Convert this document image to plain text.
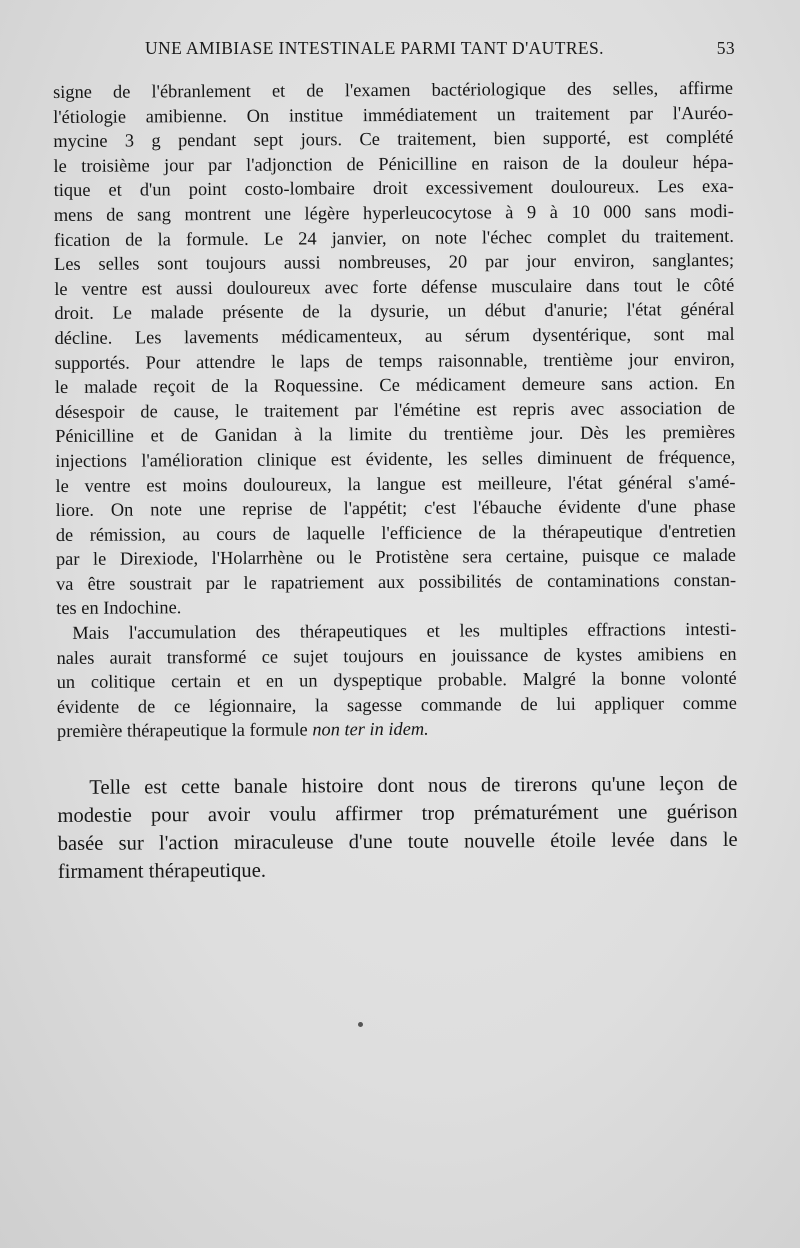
UNE AMIBIASE INTESTINALE PARMI TANT D'AUTRES.	53
signe de l'ébranlement et de l'examen bactériologique des selles, affirme
l'étiologie amibienne. On institue immédiatement un traitement par l'Auréo-
mycine 3 g pendant sept jours. Ce traitement, bien supporté, est complété
le troisième jour par l'adjonction de Pénicilline en raison de la douleur hépa-
tique et d'un point costo-lombaire droit excessivement douloureux. Les exa-
mens de sang montrent une légère hyperleucocytose à 9 à 10 000 sans modi-
fication de la formule. Le 24 janvier, on note l'échec complet du traitement.
Les selles sont toujours aussi nombreuses, 20 par jour environ, sanglantes;
le ventre est aussi douloureux avec forte défense musculaire dans tout le côté
droit. Le malade présente de la dysurie, un début d'anurie; l'état général
décline. Les lavements médicamenteux, au sérum dysentérique, sont mal
supportés. Pour attendre le laps de temps raisonnable, trentième jour environ,
le malade reçoit de la Roquessine. Ce médicament demeure sans action. En
désespoir de cause, le traitement par l'émétine est repris avec association de
Pénicilline et de Ganidan à la limite du trentième jour. Dès les premières
injections l'amélioration clinique est évidente, les selles diminuent de fréquence,
le ventre est moins douloureux, la langue est meilleure, l'état général s'amé-
liore. On note une reprise de l'appétit; c'est l'ébauche évidente d'une phase
de rémission, au cours de laquelle l'efficience de la thérapeutique d'entretien
par le Direxiode, l'Holarrhène ou le Protistène sera certaine, puisque ce malade
va être soustrait par le rapatriement aux possibilités de contaminations constan-
tes en Indochine.
Mais l'accumulation des thérapeutiques et les multiples effractions intesti-
nales aurait transformé ce sujet toujours en jouissance de kystes amibiens en
un colitique certain et en un dyspeptique probable. Malgré la bonne volonté
évidente de ce légionnaire, la sagesse commande de lui appliquer comme
première thérapeutique la formule non ter in idem.
Telle est cette banale histoire dont nous de tirerons qu'une leçon de
modestie pour avoir voulu affirmer trop prématurément une guérison
basée sur l'action miraculeuse d'une toute nouvelle étoile levée dans le
firmament thérapeutique.
